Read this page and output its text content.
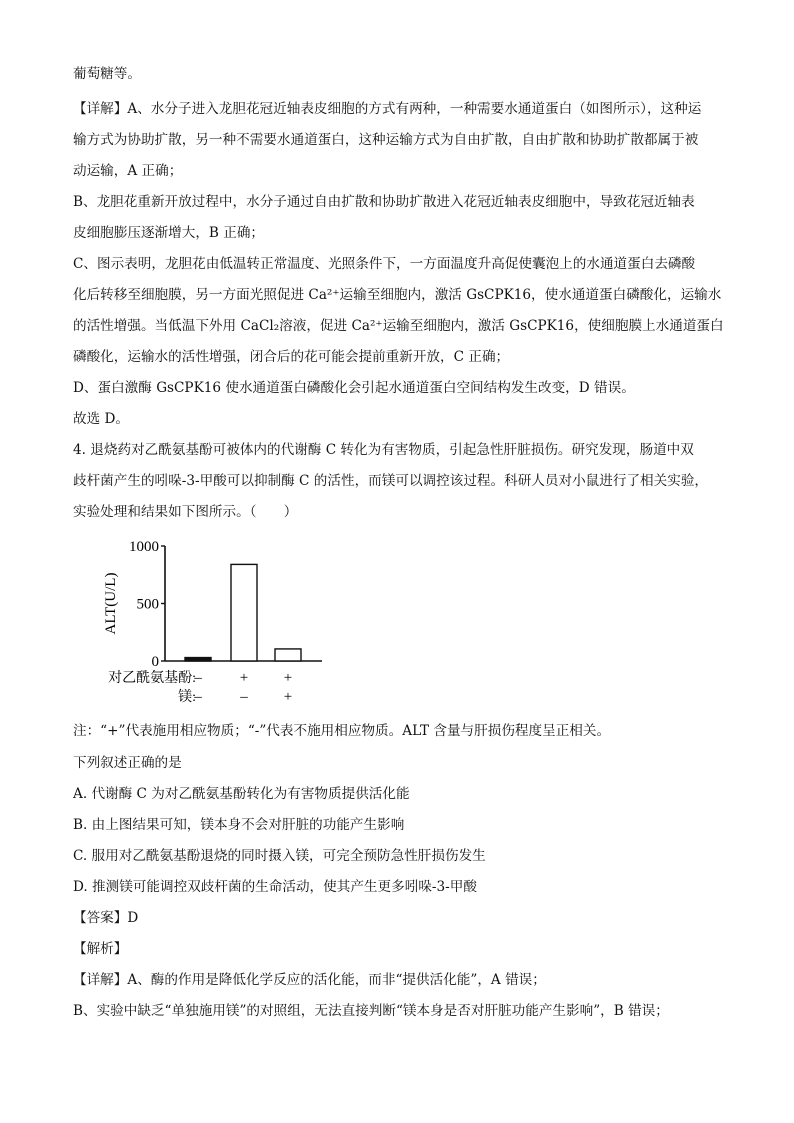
葡萄糖等。
【详解】A、水分子进入龙胆花冠近轴表皮细胞的方式有两种，一种需要水通道蛋白（如图所示），这种运
输方式为协助扩散，另一种不需要水通道蛋白，这种运输方式为自由扩散，自由扩散和协助扩散都属于被
动运输，A 正确；
B、龙胆花重新开放过程中，水分子通过自由扩散和协助扩散进入花冠近轴表皮细胞中，导致花冠近轴表
皮细胞膨压逐渐增大，B 正确；
C、图示表明，龙胆花由低温转正常温度、光照条件下，一方面温度升高促使囊泡上的水通道蛋白去磷酸
化后转移至细胞膜，另一方面光照促进 Ca²⁺运输至细胞内，激活 GsCPK16，使水通道蛋白磷酸化，运输水
的活性增强。当低温下外用 CaCl₂溶液，促进 Ca²⁺运输至细胞内，激活 GsCPK16，使细胞膜上水通道蛋白
磷酸化，运输水的活性增强，闭合后的花可能会提前重新开放，C 正确；
D、蛋白激酶 GsCPK16 使水通道蛋白磷酸化会引起水通道蛋白空间结构发生改变，D 错误。
故选 D。
4. 退烧药对乙酰氨基酚可被体内的代谢酶 C 转化为有害物质，引起急性肝脏损伤。研究发现，肠道中双
歧杆菌产生的吲哚-3-甲酸可以抑制酶 C 的活性，而镁可以调控该过程。科研人员对小鼠进行了相关实验，
实验处理和结果如下图所示。（　　）
0
500
1000
ALT(U/L)
–
–
+
–
+
+
对乙酰氨基酚:
镁:
注：“+”代表施用相应物质；“-”代表不施用相应物质。ALT 含量与肝损伤程度呈正相关。
下列叙述正确的是
A. 代谢酶 C 为对乙酰氨基酚转化为有害物质提供活化能
B. 由上图结果可知，镁本身不会对肝脏的功能产生影响
C. 服用对乙酰氨基酚退烧的同时摄入镁，可完全预防急性肝损伤发生
D. 推测镁可能调控双歧杆菌的生命活动，使其产生更多吲哚-3-甲酸
【答案】D
【解析】
【详解】A、酶的作用是降低化学反应的活化能，而非“提供活化能”，A 错误；
B、实验中缺乏“单独施用镁”的对照组，无法直接判断“镁本身是否对肝脏功能产生影响”，B 错误；
